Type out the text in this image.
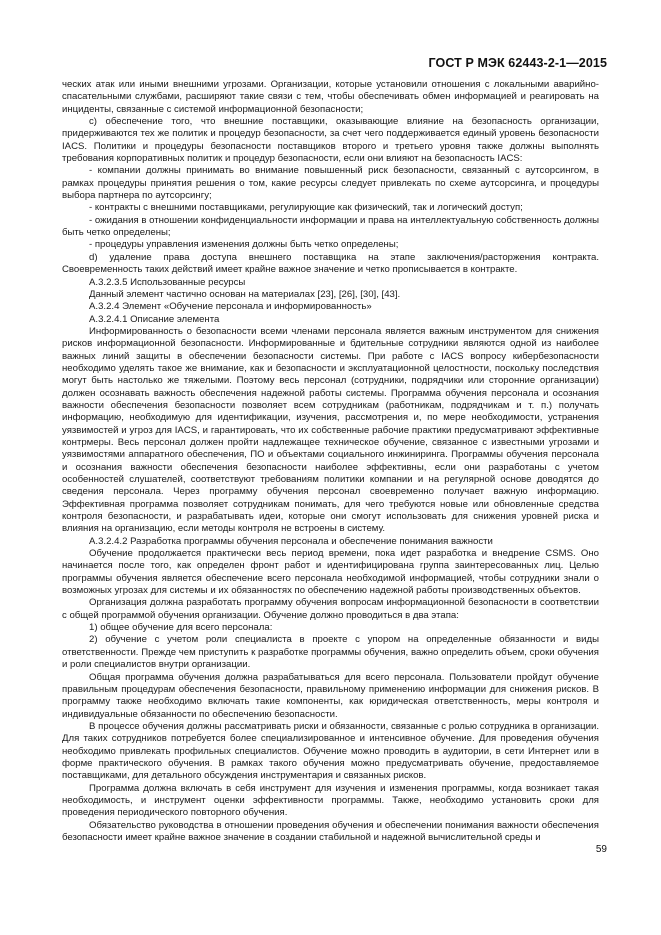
ГОСТ Р МЭК 62443-2-1—2015

ческих атак или иными внешними угрозами. Организации, которые установили отношения с локальными аварийно-спасательными службами, расширяют такие связи с тем, чтобы обеспечивать обмен информацией и реагировать на инциденты, связанные с системой информационной безопасности;

c) обеспечение того, что внешние поставщики, оказывающие влияние на безопасность организации, придерживаются тех же политик и процедур безопасности, за счет чего поддерживается единый уровень безопасности IACS. Политики и процедуры безопасности поставщиков второго и третьего уровня также должны выполнять требования корпоративных политик и процедур безопасности, если они влияют на безопасность IACS:

- компании должны принимать во внимание повышенный риск безопасности, связанный с аутсорсингом, в рамках процедуры принятия решения о том, какие ресурсы следует привлекать по схеме аутсорсинга, и процедуры выбора партнера по аутсорсингу;

- контракты с внешними поставщиками, регулирующие как физический, так и логический доступ;

- ожидания в отношении конфиденциальности информации и права на интеллектуальную собственность должны быть четко определены;

- процедуры управления изменения должны быть четко определены;

d) удаление права доступа внешнего поставщика на этапе заключения/расторжения контракта. Своевременность таких действий имеет крайне важное значение и четко прописывается в контракте.

А.3.2.3.5 Использованные ресурсы

Данный элемент частично основан на материалах [23], [26], [30], [43].

А.3.2.4 Элемент «Обучение персонала и информированность»

А.3.2.4.1 Описание элемента

Информированность о безопасности всеми членами персонала является важным инструментом для снижения рисков информационной безопасности. Информированные и бдительные сотрудники являются одной из наиболее важных линий защиты в обеспечении безопасности системы. При работе с IACS вопросу кибербезопасности необходимо уделять такое же внимание, как и безопасности и эксплуатационной целостности, поскольку последствия могут быть настолько же тяжелыми. Поэтому весь персонал (сотрудники, подрядчики или сторонние организации) должен осознавать важность обеспечения надежной работы системы. Программа обучения персонала и осознания важности обеспечения безопасности позволяет всем сотрудникам (работникам, подрядчикам и т. п.) получать информацию, необходимую для идентификации, изучения, рассмотрения и, по мере необходимости, устранения уязвимостей и угроз для IACS, и гарантировать, что их собственные рабочие практики предусматривают эффективные контрмеры. Весь персонал должен пройти надлежащее техническое обучение, связанное с известными угрозами и уязвимостями аппаратного обеспечения, ПО и объектами социального инжиниринга. Программы обучения персонала и осознания важности обеспечения безопасности наиболее эффективны, если они разработаны с учетом особенностей слушателей, соответствуют требованиям политики компании и на регулярной основе доводятся до сведения персонала. Через программу обучения персонал своевременно получает важную информацию. Эффективная программа позволяет сотрудникам понимать, для чего требуются новые или обновленные средства контроля безопасности, и разрабатывать идеи, которые они смогут использовать для снижения уровней риска и влияния на организацию, если методы контроля не встроены в систему.

А.3.2.4.2 Разработка программы обучения персонала и обеспечение понимания важности

Обучение продолжается практически весь период времени, пока идет разработка и внедрение CSMS. Оно начинается после того, как определен фронт работ и идентифицирована группа заинтересованных лиц. Целью программы обучения является обеспечение всего персонала необходимой информацией, чтобы сотрудники знали о возможных угрозах для системы и их обязанностях по обеспечению надежной работы производственных объектов.

Организация должна разработать программу обучения вопросам информационной безопасности в соответствии с общей программой обучения организации. Обучение должно проводиться в два этапа:

1) общее обучение для всего персонала:

2) обучение с учетом роли специалиста в проекте с упором на определенные обязанности и виды ответственности. Прежде чем приступить к разработке программы обучения, важно определить объем, сроки обучения и роли специалистов внутри организации.

Общая программа обучения должна разрабатываться для всего персонала. Пользователи пройдут обучение правильным процедурам обеспечения безопасности, правильному применению информации для снижения рисков. В программу также необходимо включать такие компоненты, как юридическая ответственность, меры контроля и индивидуальные обязанности по обеспечению безопасности.

В процессе обучения должны рассматривать риски и обязанности, связанные с ролью сотрудника в организации. Для таких сотрудников потребуется более специализированное и интенсивное обучение. Для проведения обучения необходимо привлекать профильных специалистов. Обучение можно проводить в аудитории, в сети Интернет или в форме практического обучения. В рамках такого обучения можно предусматривать обучение, предоставляемое поставщиками, для детального обсуждения инструментария и связанных рисков.

Программа должна включать в себя инструмент для изучения и изменения программы, когда возникает такая необходимость, и инструмент оценки эффективности программы. Также, необходимо установить сроки для проведения периодического повторного обучения.

Обязательство руководства в отношении проведения обучения и обеспечении понимания важности обеспечения безопасности имеет крайне важное значение в создании стабильной и надежной вычислительной среды и

59
